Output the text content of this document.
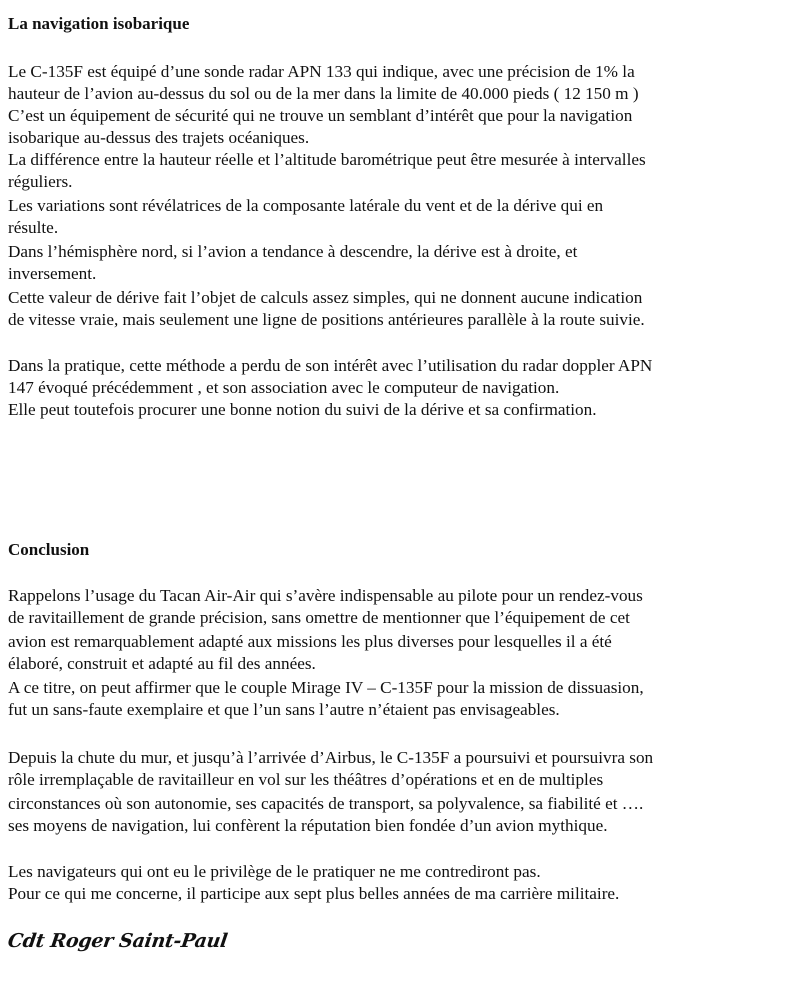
La navigation isobarique

Le C-135F est équipé d’une sonde radar APN 133 qui indique, avec une précision de 1% la

hauteur de l’avion au-dessus du sol ou de la mer dans la limite de 40.000 pieds ( 12 150 m )

C’est un équipement de sécurité qui ne trouve un semblant d’intérêt que pour la navigation

isobarique au-dessus des trajets océaniques.

La différence entre la hauteur réelle et l’altitude barométrique peut être mesurée à intervalles

réguliers.

Les variations sont révélatrices de la composante latérale du vent et de la dérive qui en

résulte.

Dans l’hémisphère nord, si l’avion a tendance à descendre, la dérive est à droite, et

inversement.

Cette valeur de dérive fait l’objet de calculs assez simples, qui ne donnent aucune indication

de vitesse vraie, mais seulement une ligne de positions antérieures parallèle à la route suivie.

Dans la pratique, cette méthode a perdu de son intérêt avec l’utilisation du radar doppler APN

147 évoqué précédemment , et son association avec le computeur de navigation.

Elle peut toutefois procurer une bonne notion du suivi de la dérive et sa confirmation.

Conclusion

Rappelons l’usage du Tacan Air-Air qui s’avère indispensable au pilote pour un rendez-vous

de ravitaillement de grande précision, sans omettre de mentionner que l’équipement de cet

avion est remarquablement adapté aux missions les plus diverses pour lesquelles il a été

élaboré, construit et adapté au fil des années.

A ce titre, on peut affirmer que le couple Mirage IV – C-135F pour la mission de dissuasion,

fut un sans-faute exemplaire et que l’un sans l’autre n’étaient pas envisageables.

Depuis la chute du mur, et jusqu’à l’arrivée d’Airbus, le C-135F a poursuivi et poursuivra son

rôle irremplaçable de ravitailleur en vol sur les théâtres d’opérations et en de multiples

circonstances où son autonomie, ses capacités de transport, sa polyvalence, sa fiabilité et ….

ses moyens de navigation, lui confèrent la réputation bien fondée d’un avion mythique.

Les navigateurs qui ont eu le privilège de le pratiquer ne me contrediront pas.

Pour ce qui me concerne, il participe aux sept plus belles années de ma carrière militaire.

Cdt Roger Saint-Paul
